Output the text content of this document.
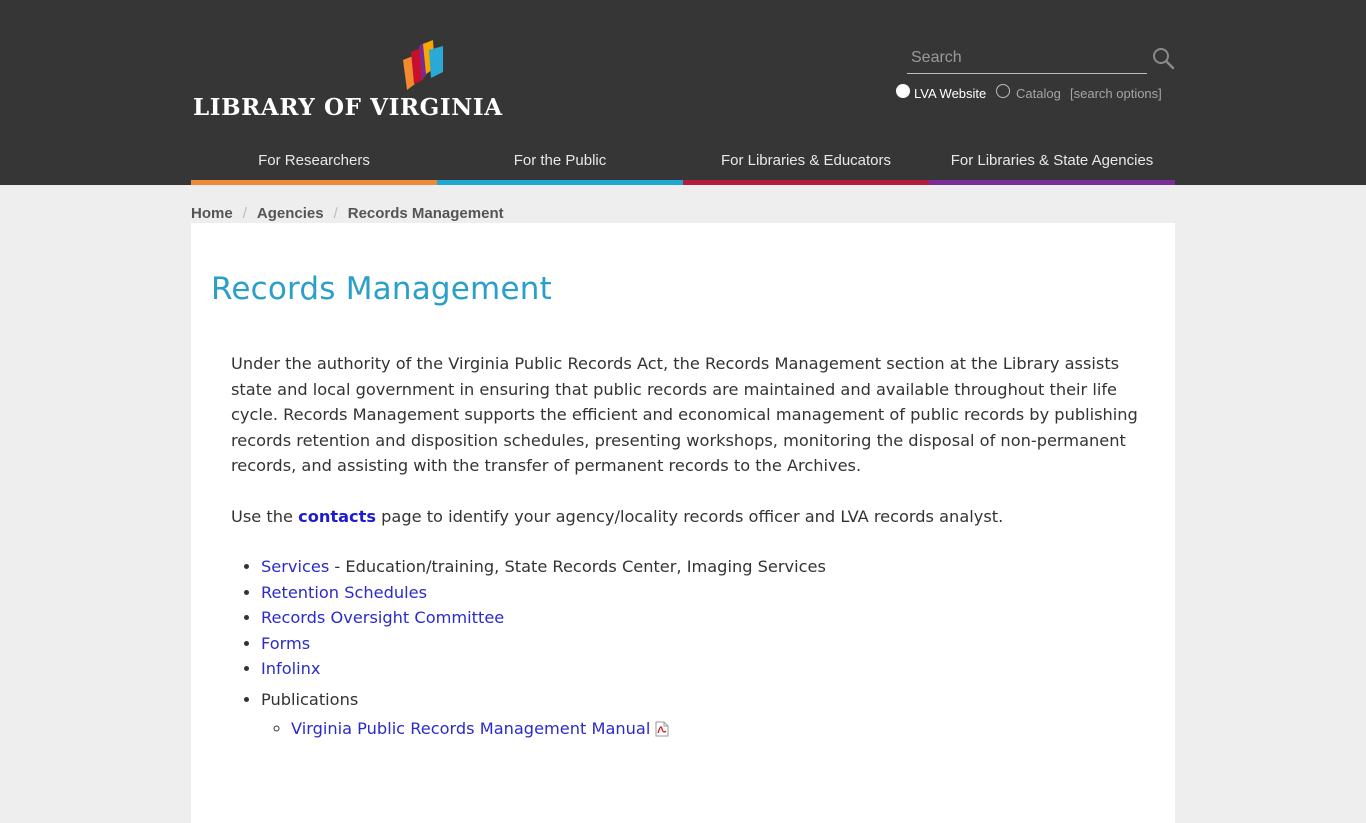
LIBRARY OF VIRGINIA
Search
LVA Website Catalog [search options]
For Researchers	For the Public	For Libraries & Educators	For Libraries & State Agencies
Home / Agencies / Records Management
Records Management

Under the authority of the Virginia Public Records Act, the Records Management section at the Library assists state and local government in ensuring that public records are maintained and available throughout their life cycle. Records Management supports the efficient and economical management of public records by publishing records retention and disposition schedules, presenting workshops, monitoring the disposal of non-permanent records, and assisting with the transfer of permanent records to the Archives.

Use the contacts page to identify your agency/locality records officer and LVA records analyst.

• Services - Education/training, State Records Center, Imaging Services
• Retention Schedules
• Records Oversight Committee
• Forms
• Infolinx
• Publications
◦ Virginia Public Records Management Manual
